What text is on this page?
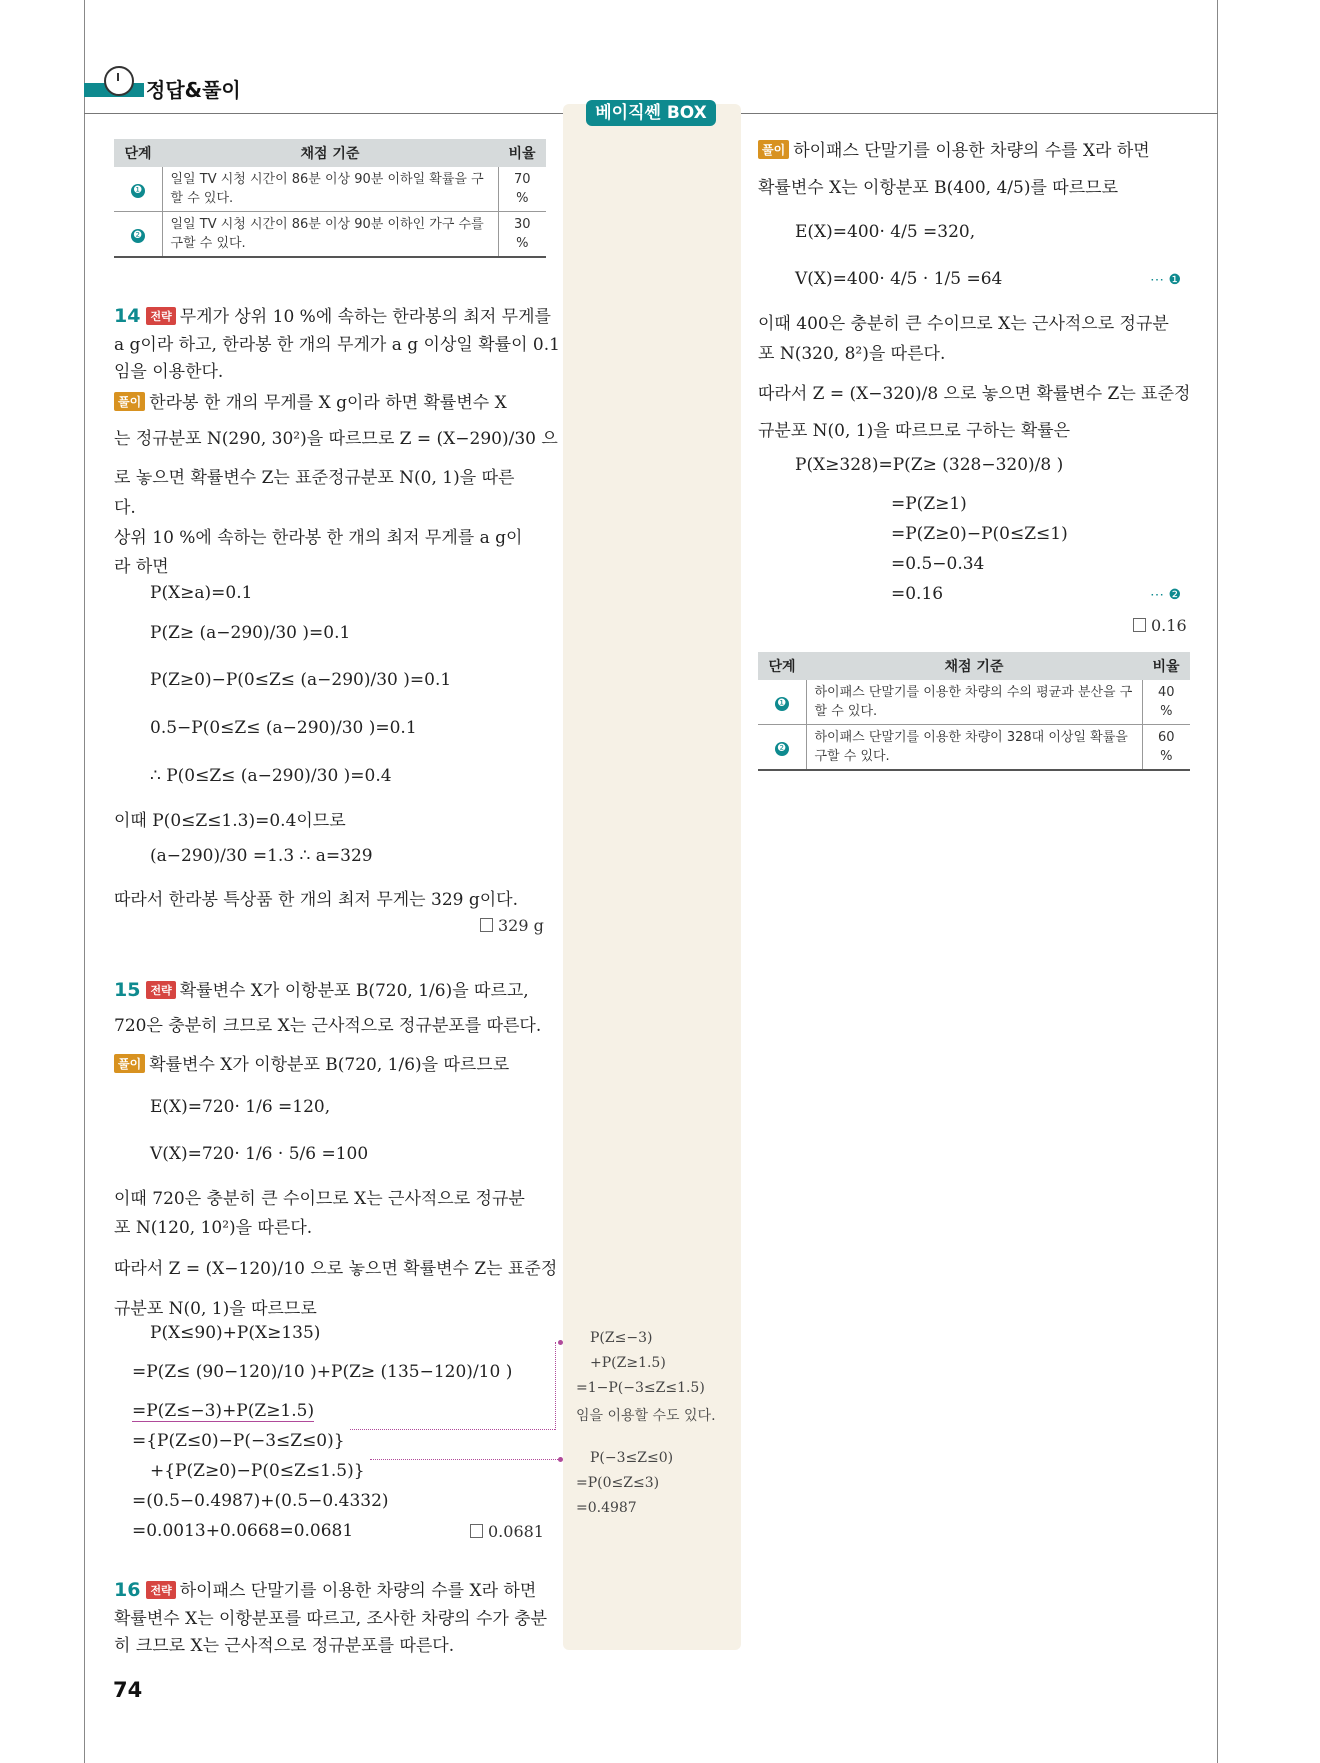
정답&풀이
베이직쎈 BOX
단계	채점 기준	비율
❶	일일 TV 시청 시간이 86분 이상 90분 이하일 확률을 구할 수 있다.	70 %
❷	일일 TV 시청 시간이 86분 이상 90분 이하인 가구 수를 구할 수 있다.	30 %
14 전략 무게가 상위 10 %에 속하는 한라봉의 최저 무게를
a g이라 하고, 한라봉 한 개의 무게가 a g 이상일 확률이 0.1
임을 이용한다.
풀이 한라봉 한 개의 무게를 X g이라 하면 확률변수 X
는 정규분포 N(290, 30²)을 따르므로 Z = (X−290)/30 으
로 놓으면 확률변수 Z는 표준정규분포 N(0, 1)을 따른
다.
상위 10 %에 속하는 한라봉 한 개의 최저 무게를 a g이
라 하면
P(X≥a)=0.1
P(Z≥ (a−290)/30 )=0.1
P(Z≥0)−P(0≤Z≤ (a−290)/30 )=0.1
0.5−P(0≤Z≤ (a−290)/30 )=0.1
∴ P(0≤Z≤ (a−290)/30 )=0.4
이때 P(0≤Z≤1.3)=0.4이므로
(a−290)/30 =1.3 ∴ a=329
따라서 한라봉 특상품 한 개의 최저 무게는 329 g이다.
329 g
15 전략 확률변수 X가 이항분포 B(720, 1/6)을 따르고,
720은 충분히 크므로 X는 근사적으로 정규분포를 따른다.
풀이 확률변수 X가 이항분포 B(720, 1/6)을 따르므로
E(X)=720· 1/6 =120,
V(X)=720· 1/6 · 5/6 =100
이때 720은 충분히 큰 수이므로 X는 근사적으로 정규분
포 N(120, 10²)을 따른다.
따라서 Z = (X−120)/10 으로 놓으면 확률변수 Z는 표준정
규분포 N(0, 1)을 따르므로
P(X≤90)+P(X≥135)
=P(Z≤ (90−120)/10 )+P(Z≥ (135−120)/10 )
=P(Z≤−3)+P(Z≥1.5)
={P(Z≤0)−P(−3≤Z≤0)}
+{P(Z≥0)−P(0≤Z≤1.5)}
=(0.5−0.4987)+(0.5−0.4332)
=0.0013+0.0668=0.0681	0.0681
P(Z≤−3)
+P(Z≥1.5)
=1−P(−3≤Z≤1.5)
임을 이용할 수도 있다.
P(−3≤Z≤0)
=P(0≤Z≤3)
=0.4987
16 전략 하이패스 단말기를 이용한 차량의 수를 X라 하면
확률변수 X는 이항분포를 따르고, 조사한 차량의 수가 충분
히 크므로 X는 근사적으로 정규분포를 따른다.
74
풀이 하이패스 단말기를 이용한 차량의 수를 X라 하면
확률변수 X는 이항분포 B(400, 4/5)를 따르므로
E(X)=400· 4/5 =320,
V(X)=400· 4/5 · 1/5 =64	⋯ ❶
이때 400은 충분히 큰 수이므로 X는 근사적으로 정규분
포 N(320, 8²)을 따른다.
따라서 Z = (X−320)/8 으로 놓으면 확률변수 Z는 표준정
규분포 N(0, 1)을 따르므로 구하는 확률은
P(X≥328)=P(Z≥ (328−320)/8 )
=P(Z≥1)
=P(Z≥0)−P(0≤Z≤1)
=0.5−0.34
=0.16	⋯ ❷
0.16
단계	채점 기준	비율
❶	하이패스 단말기를 이용한 차량의 수의 평균과 분산을 구할 수 있다.	40 %
❷	하이패스 단말기를 이용한 차량이 328대 이상일 확률을 구할 수 있다.	60 %
